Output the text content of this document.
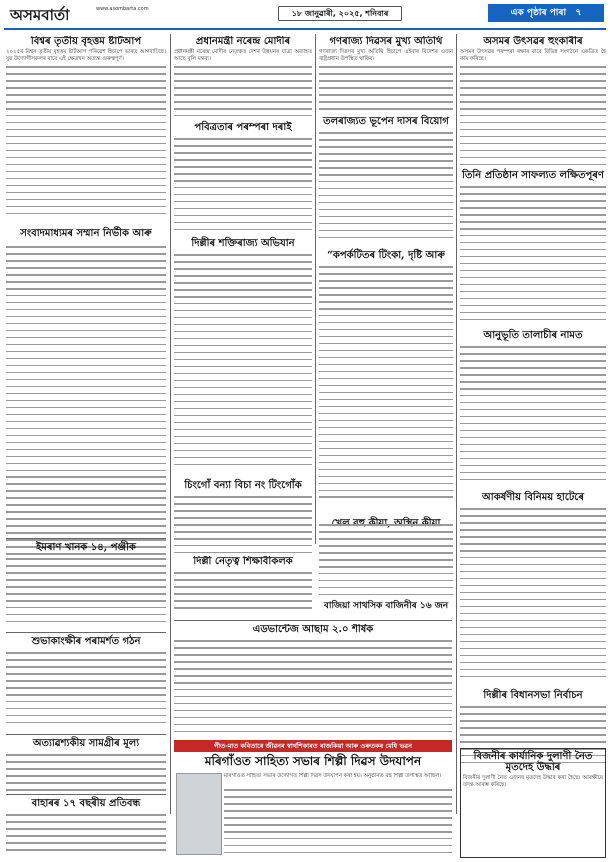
অসমবাৰ্তা	www.asombarta.com	১৮ জানুৱাৰী, ২০২৫, শনিবাৰ	এক পৃষ্ঠাৰ পাৰা ৭
বিশ্বৰ তৃতীয় বৃহত্তম ষ্টাৰ্টআপ
২০২৫ৰ বিশ্বৰ তৃতীয় বৃহত্তম ষ্টাৰ্টআপ পৰিৱেশ হিচাপে ভাৰত আগবাঢ়িছে। যুৱ উদ্যোগীসকলৰ বাবে এই ক্ষেত্ৰখন অত্যন্ত গুৰুত্বপূৰ্ণ।
সংবাদমাধ্যমৰ সম্মান নিৰ্ভীক আৰু
ইমৰাণ খানক ১৪, পঞ্জীক
শুভাকাংক্ষীৰ পৰামৰ্শত গঠন
অত্যাৱশ্যকীয় সামগ্ৰীৰ মূল্য
বাহাৰৰ ১৭ বছৰীয় প্ৰতিবন্ধ
প্ৰধানমন্ত্ৰী নৰেন্দ্ৰ মোদীৰ
প্ৰধানমন্ত্ৰী নৰেন্দ্ৰ মোদীৰ নেতৃত্বত দেশৰ উন্নয়নৰ যাত্ৰা অব্যাহত আছে বুলি মন্তব্য।
পবিত্ৰতাৰ পৰম্পৰা দৰাই
দিল্লীৰ শক্তিৰাজ্য অভিযান
চিংগোঁ বন্যা বিচা নং টিংগোঁক
গণৰাজ্য দিৱসৰ মুখ্য অতিথি
গণৰাজ্য দিৱসৰ মুখ্য অতিথি হিচাপে এইবাৰ বিদেশৰ এজন ৰাষ্ট্ৰপ্ৰধান উপস্থিত থাকিব।
তলৰাজ্যত ভূপেন দাসৰ বিয়োগ
“কপৰ্কটিতৰ টিংকা, দৃষ্টি আৰু
দিল্লী নেতৃত্ব শিক্ষাবীকলক
বাজিয়া সাথসিক বাজিনীৰ ১৬ জন
এডভান্টেজ আছাম ২.০ শীৰ্ষক
অসমৰ উৎসৱৰ হুংকাৰীৰ
অসমৰ উৎসৱৰ পৰম্পৰা ৰক্ষাৰ বাবে বিভিন্ন সংগঠনে একত্ৰিত হৈ কাম কৰিছে।
তিনি প্ৰতিষ্ঠান সাফল্যত লক্ষিতপূৰণ
আনুভূতি তালাচীৰ নামত
আকৰ্ষণীয় বিনিময় হাটেৰে
দিল্লীৰ বিধানসভা নিৰ্বাচন
গীত-মাত কবিতাৰে জীৱনৰ স্বাৰ্থশিকাৰত ৰাজকিয়া আৰু ওৰুতকৰ মেধি ভৱন
মৰিগাঁওত সাহিত্য সভাৰ শিল্পী দিৱস উদযাপন
মৰিগাঁওত সাহিত্য সভাৰ উদ্যোগত শিল্পী দিৱস উদযাপন কৰা হয়। অনুষ্ঠানত বহু শিল্পী উপস্থিত আছিল।
বিজনীৰ কাৰ্যানিক দুলাণী নৈত মৃতদেহ উদ্ধাৰ
বিজনীৰ দুলাণী নৈত এজনৰ মৃতদেহ উদ্ধাৰ কৰা হৈছে। আৰক্ষীয়ে তদন্ত আৰম্ভ কৰিছে।
